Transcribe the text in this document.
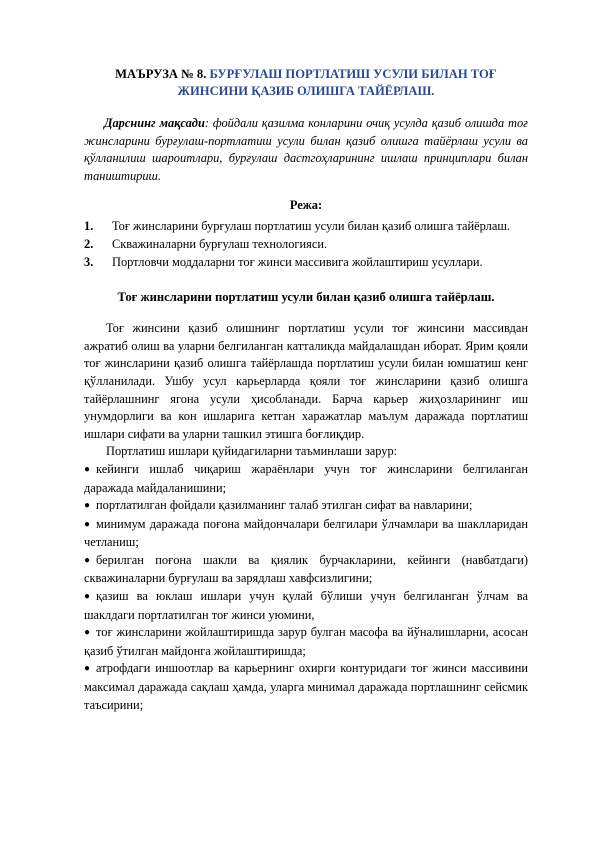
МАЪРУЗА № 8. БУРҒУЛАШ ПОРТЛАТИШ УСУЛИ БИЛАН ТОҒ ЖИНСИНИ ҚАЗИБ ОЛИШГА ТАЙЁРЛАШ.

Дарснинг мақсади: фойдали қазилма конларини очиқ усулда қазиб олишда тоғ жинсларини бурғулаш-портлатиш усули билан қазиб олишга тайёрлаш усули ва қўлланилиш шароитлари, бурғулаш дастгоҳларининг ишлаш принциплари билан таништириш.
Режа:
1. Тоғ жинсларини бурғулаш портлатиш усули билан қазиб олишга тайёрлаш.
2. Скважиналарни бурғулаш технологияси.
3. Портловчи моддаларни тоғ жинси массивига жойлаштириш усуллари.
Тоғ жинсларини портлатиш усули билан қазиб олишга тайёрлаш.
Тоғ жинсини қазиб олишнинг портлатиш усули тоғ жинсини массивдан ажратиб олиш ва уларни белгиланган катталикда майдалашдан иборат. Ярим қояли тоғ жинсларини қазиб олишга тайёрлашда портлатиш усули билан юмшатиш кенг қўлланилади. Ушбу усул карьерларда қояли тоғ жинсларини қазиб олишга тайёрлашнинг ягона усули ҳисобланади. Барча карьер жиҳозларининг иш унумдорлиги ва кон ишларига кетган харажатлар маълум даражада портлатиш ишлари сифати ва уларни ташкил этишга боғлиқдир.
Портлатиш ишлари қуйидагиларни таъминлаши зарур:
● кейинги ишлаб чиқариш жараёнлари учун тоғ жинсларини белгиланган даражада майдаланишини;
● портлатилган фойдали қазилманинг талаб этилган сифат ва навларини;
● минимум даражада поғона майдончалари белгилари ўлчамлари ва шаклларидан четланиш;
● берилган поғона шакли ва қиялик бурчакларини, кейинги (навбатдаги) скважиналарни бурғулаш ва зарядлаш хавфсизлигини;
● қазиш ва юклаш ишлари учун қулай бўлиши учун белгиланган ўлчам ва шаклдаги портлатилган тоғ жинси уюмини,
● тоғ жинсларини жойлаштиришда зарур булган масофа ва йўналишларни, асосан қазиб ўтилган майдонга жойлаштиришда;
● атрофдаги иншоотлар ва карьернинг охирги контуридаги тоғ жинси массивини максимал даражада сақлаш ҳамда, уларга минимал даражада портлашнинг сейсмик таъсирини;
